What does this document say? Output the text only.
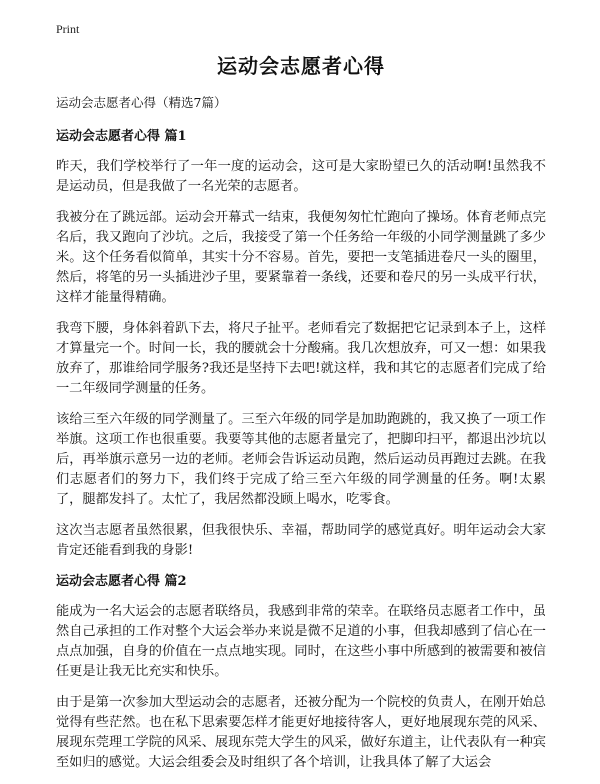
Print
运动会志愿者心得
运动会志愿者心得（精选7篇）
运动会志愿者心得 篇1

昨天，我们学校举行了一年一度的运动会，这可是大家盼望已久的活动啊!虽然我不是运动员，但是我做了一名光荣的志愿者。

我被分在了跳远部。运动会开幕式一结束，我便匆匆忙忙跑向了操场。体育老师点完名后，我又跑向了沙坑。之后，我接受了第一个任务给一年级的小同学测量跳了多少米。这个任务看似简单，其实十分不容易。首先，要把一支笔插进卷尺一头的圈里，然后，将笔的另一头插进沙子里，要紧靠着一条线，还要和卷尺的另一头成平行状，这样才能量得精确。

我弯下腰，身体斜着趴下去，将尺子扯平。老师看完了数据把它记录到本子上，这样才算量完一个。时间一长，我的腰就会十分酸痛。我几次想放弃，可又一想：如果我放弃了，那谁给同学服务?我还是坚持下去吧!就这样，我和其它的志愿者们完成了给一二年级同学测量的任务。

该给三至六年级的同学测量了。三至六年级的同学是加助跑跳的，我又换了一项工作举旗。这项工作也很重要。我要等其他的志愿者量完了，把脚印扫平，都退出沙坑以后，再举旗示意另一边的老师。老师会告诉运动员跑，然后运动员再跑过去跳。在我们志愿者们的努力下，我们终于完成了给三至六年级的同学测量的任务。啊!太累了，腿都发抖了。太忙了，我居然都没顾上喝水，吃零食。

这次当志愿者虽然很累，但我很快乐、幸福，帮助同学的感觉真好。明年运动会大家肯定还能看到我的身影!

运动会志愿者心得 篇2

能成为一名大运会的志愿者联络员，我感到非常的荣幸。在联络员志愿者工作中，虽然自己承担的工作对整个大运会举办来说是微不足道的小事，但我却感到了信心在一点点加强，自身的价值在一点点地实现。同时，在这些小事中所感到的被需要和被信任更是让我无比充实和快乐。

由于是第一次参加大型运动会的志愿者，还被分配为一个院校的负责人，在刚开始总觉得有些茫然。也在私下思索要怎样才能更好地接待客人，更好地展现东莞的风采、展现东莞理工学院的风采、展现东莞大学生的风采，做好东道主，让代表队有一种宾至如归的感觉。大运会组委会及时组织了各个培训，让我具体了解了大运会
